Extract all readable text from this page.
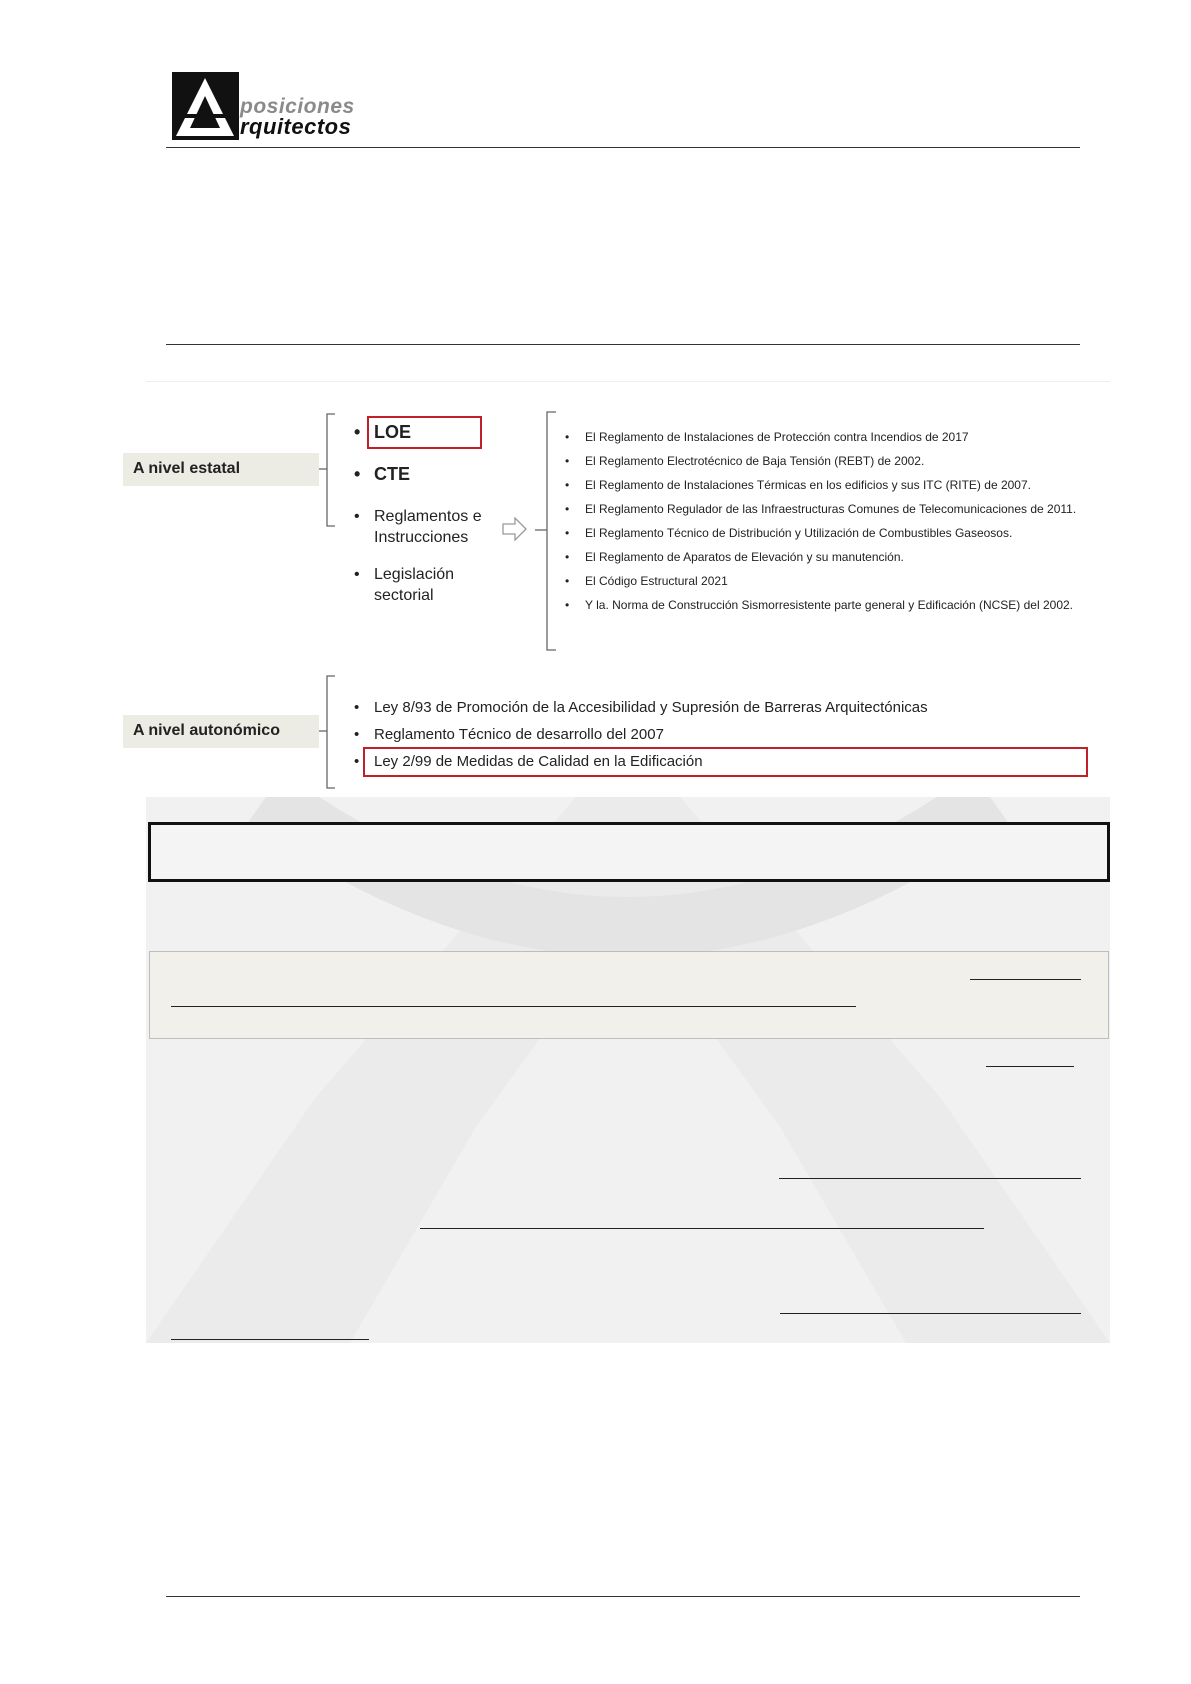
posiciones
rquitectos
A nivel estatal
• LOE
• CTE
• Reglamentos e Instrucciones
• Legislación sectorial
• El Reglamento de Instalaciones de Protección contra Incendios de 2017
• El Reglamento Electrotécnico de Baja Tensión (REBT) de 2002.
• El Reglamento de Instalaciones Térmicas en los edificios y sus ITC (RITE) de 2007.
• El Reglamento Regulador de las Infraestructuras Comunes de Telecomunicaciones de 2011.
• El Reglamento Técnico de Distribución y Utilización de Combustibles Gaseosos.
• El Reglamento de Aparatos de Elevación y su manutención.
• El Código Estructural 2021
• Y la. Norma de Construcción Sismorresistente parte general y Edificación (NCSE) del 2002.
A nivel autonómico
• Ley 8/93 de Promoción de la Accesibilidad y Supresión de Barreras Arquitectónicas
• Reglamento Técnico de desarrollo del 2007
• Ley 2/99 de Medidas de Calidad en la Edificación
